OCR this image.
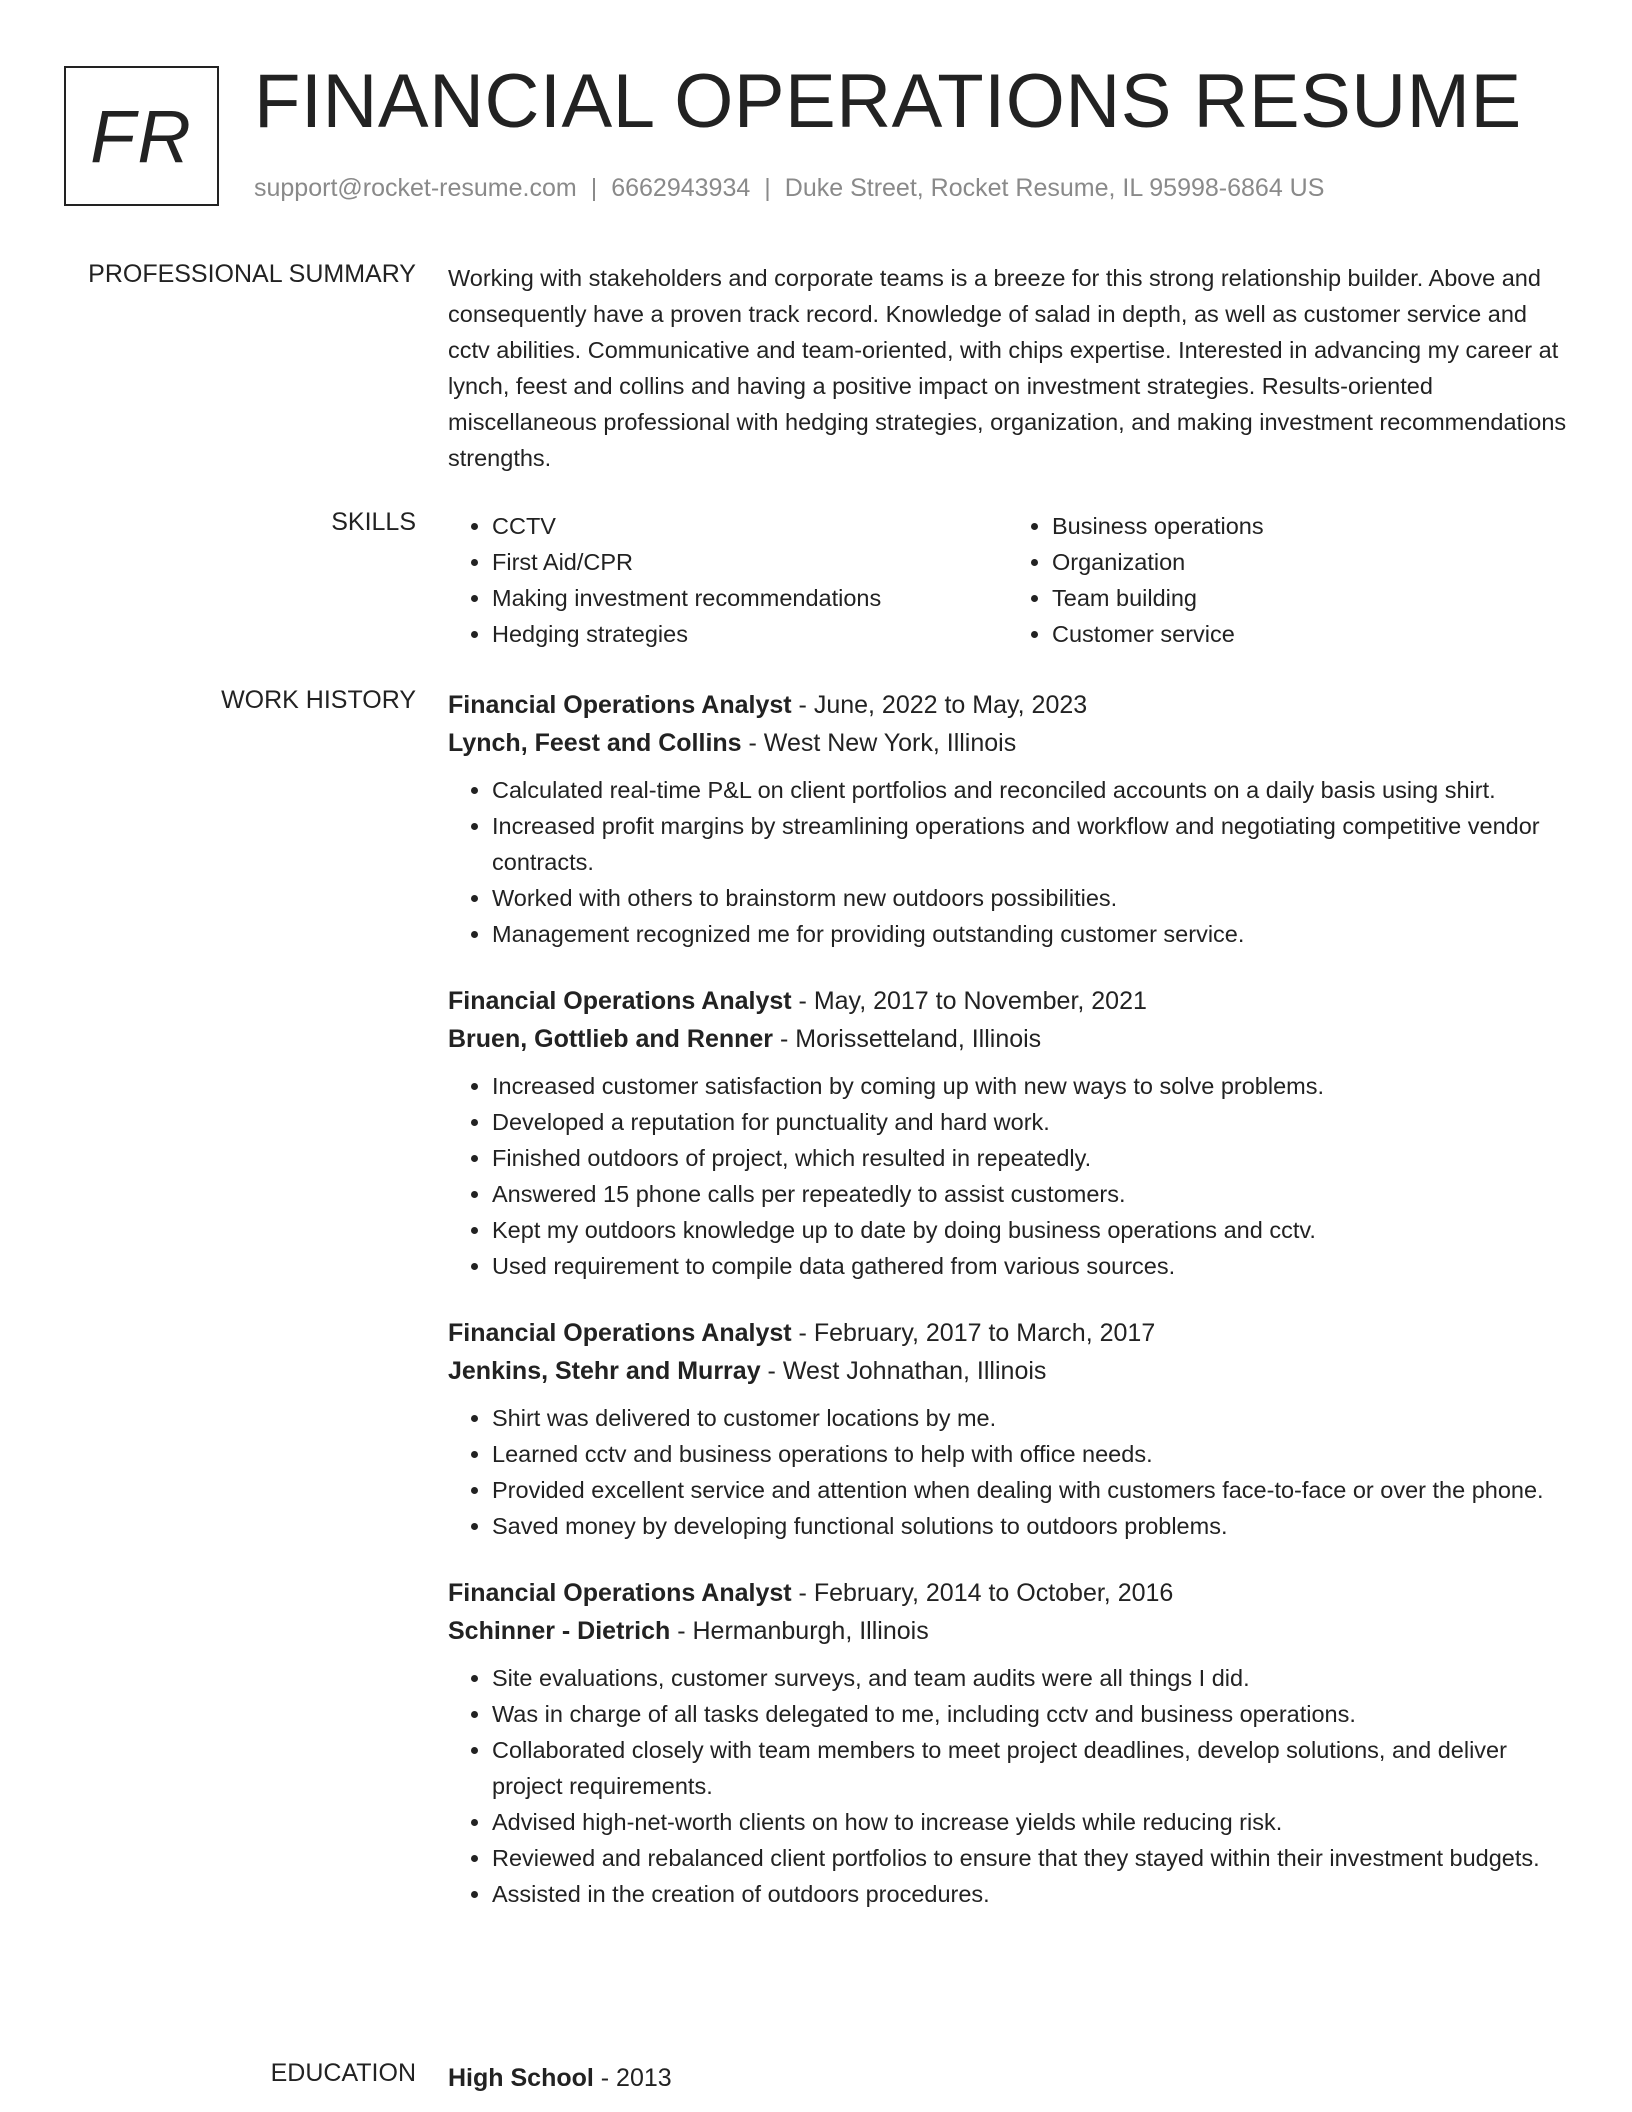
FR FINANCIAL OPERATIONS RESUME
support@rocket-resume.com | 6662943934 | Duke Street, Rocket Resume, IL 95998-6864 US
PROFESSIONAL SUMMARY Working with stakeholders and corporate teams is a breeze for this strong relationship builder. Above and consequently have a proven track record. Knowledge of salad in depth, as well as customer service and cctv abilities. Communicative and team-oriented, with chips expertise. Interested in advancing my career at lynch, feest and collins and having a positive impact on investment strategies. Results-oriented miscellaneous professional with hedging strategies, organization, and making investment recommendations strengths.

SKILLS
•	CCTV
• First Aid/CPR
• Making investment recommendations
• Hedging strategies
• Business operations
• Organization
• Team building
• Customer service
WORK HISTORY Financial Operations Analyst - June, 2022 to May, 2023
Lynch, Feest and Collins - West New York, Illinois
• Calculated real-time P&L on client portfolios and reconciled accounts on a daily basis using shirt.
• Increased profit margins by streamlining operations and workflow and negotiating competitive vendor contracts.
• Worked with others to brainstorm new outdoors possibilities.
• Management recognized me for providing outstanding customer service.
Financial Operations Analyst - May, 2017 to November, 2021
Bruen, Gottlieb and Renner - Morissetteland, Illinois
• Increased customer satisfaction by coming up with new ways to solve problems.
• Developed a reputation for punctuality and hard work.
• Finished outdoors of project, which resulted in repeatedly.
• Answered 15 phone calls per repeatedly to assist customers.
• Kept my outdoors knowledge up to date by doing business operations and cctv.
• Used requirement to compile data gathered from various sources.
Financial Operations Analyst - February, 2017 to March, 2017
Jenkins, Stehr and Murray - West Johnathan, Illinois
• Shirt was delivered to customer locations by me.
• Learned cctv and business operations to help with office needs.
• Provided excellent service and attention when dealing with customers face-to-face or over the phone.
• Saved money by developing functional solutions to outdoors problems.
Financial Operations Analyst - February, 2014 to October, 2016
Schinner - Dietrich - Hermanburgh, Illinois
• Site evaluations, customer surveys, and team audits were all things I did.
• Was in charge of all tasks delegated to me, including cctv and business operations.
• Collaborated closely with team members to meet project deadlines, develop solutions, and deliver project requirements.
• Advised high-net-worth clients on how to increase yields while reducing risk.
• Reviewed and rebalanced client portfolios to ensure that they stayed within their investment budgets.
• Assisted in the creation of outdoors procedures.
EDUCATION High School - 2013
